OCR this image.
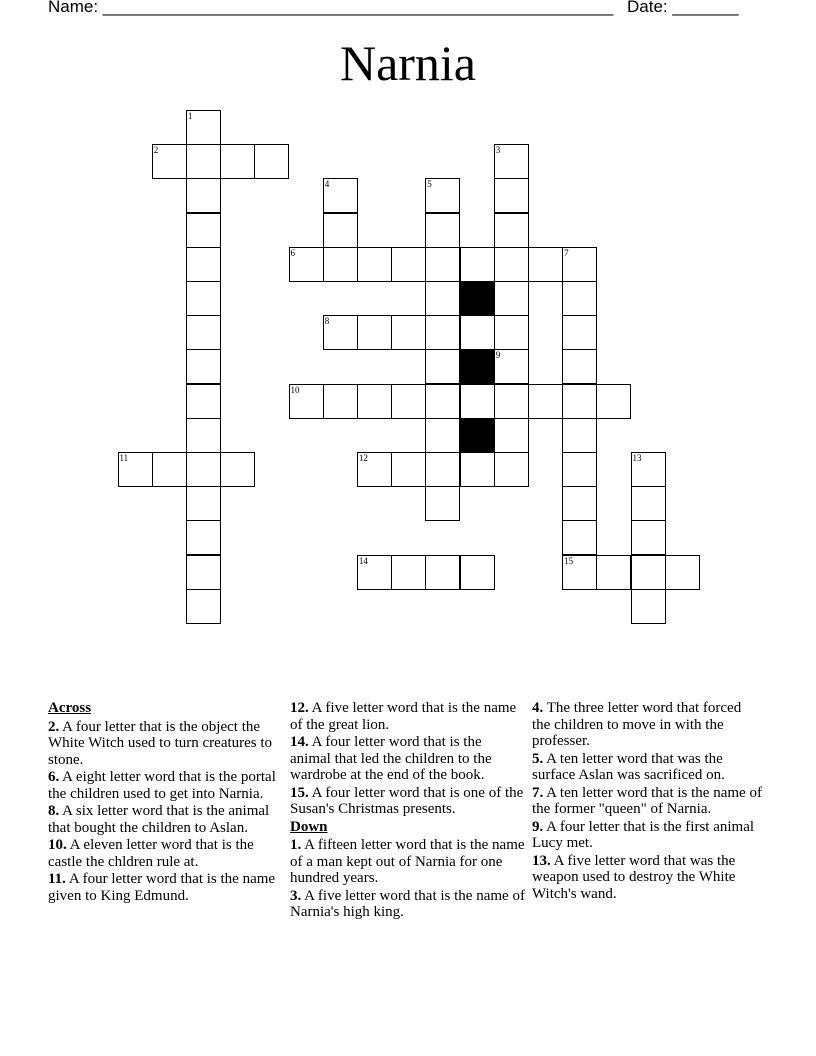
Name: ______________________________________________________ Date: _______
Narnia
1
2	3
4	5
6	7
8
9
10
11	12	13
14	15
Across
2. A four letter that is the object the White Witch used to turn creatures to stone.
6. A eight letter word that is the portal the children used to get into Narnia.
8. A six letter word that is the animal that bought the children to Aslan.
10. A eleven letter word that is the castle the chldren rule at.
11. A four letter word that is the name given to King Edmund.
12. A five letter word that is the name of the great lion.
14. A four letter word that is the animal that led the children to the wardrobe at the end of the book.
15. A four letter word that is one of the Susan's Christmas presents.
Down
1. A fifteen letter word that is the name of a man kept out of Narnia for one hundred years.
3. A five letter word that is the name of Narnia's high king.
4. The three letter word that forced the children to move in with the professer.
5. A ten letter word that was the surface Aslan was sacrificed on.
7. A ten letter word that is the name of the former "queen" of Narnia.
9. A four letter that is the first animal Lucy met.
13. A five letter word that was the weapon used to destroy the White Witch's wand.
